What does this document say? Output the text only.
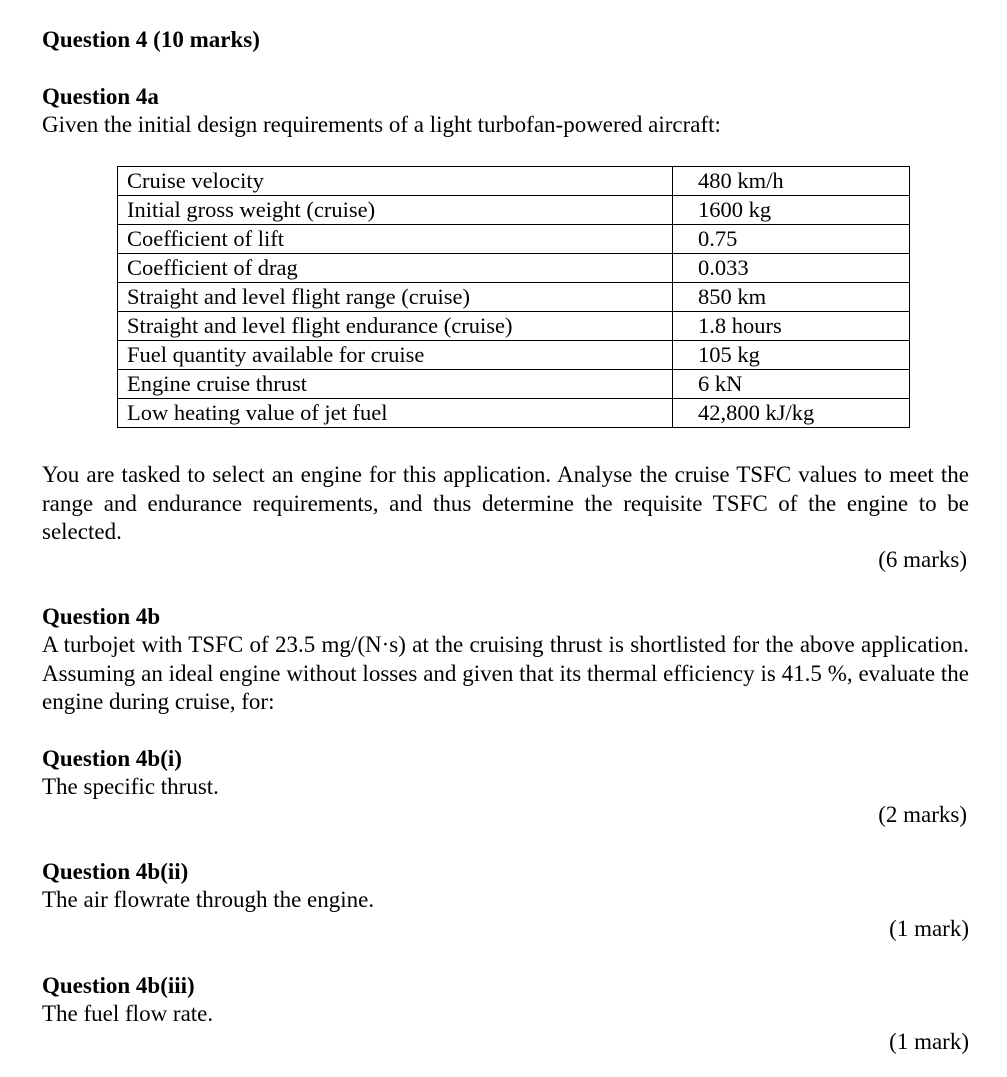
Question 4 (10 marks)
Question 4a
Given the initial design requirements of a light turbofan-powered aircraft:
Cruise velocity	480 km/h
Initial gross weight (cruise)	1600 kg
Coefficient of lift	0.75
Coefficient of drag	0.033
Straight and level flight range (cruise)	850 km
Straight and level flight endurance (cruise)	1.8 hours
Fuel quantity available for cruise	105 kg
Engine cruise thrust	6 kN
Low heating value of jet fuel	42,800 kJ/kg
You are tasked to select an engine for this application. Analyse the cruise TSFC values to meet the range and endurance requirements, and thus determine the requisite TSFC of the engine to be selected.
(6 marks)
Question 4b
A turbojet with TSFC of 23.5 mg/(N·s) at the cruising thrust is shortlisted for the above application. Assuming an ideal engine without losses and given that its thermal efficiency is 41.5 %, evaluate the engine during cruise, for:
Question 4b(i)
The specific thrust.
(2 marks)
Question 4b(ii)
The air flowrate through the engine.
(1 mark)
Question 4b(iii)
The fuel flow rate.
(1 mark)
